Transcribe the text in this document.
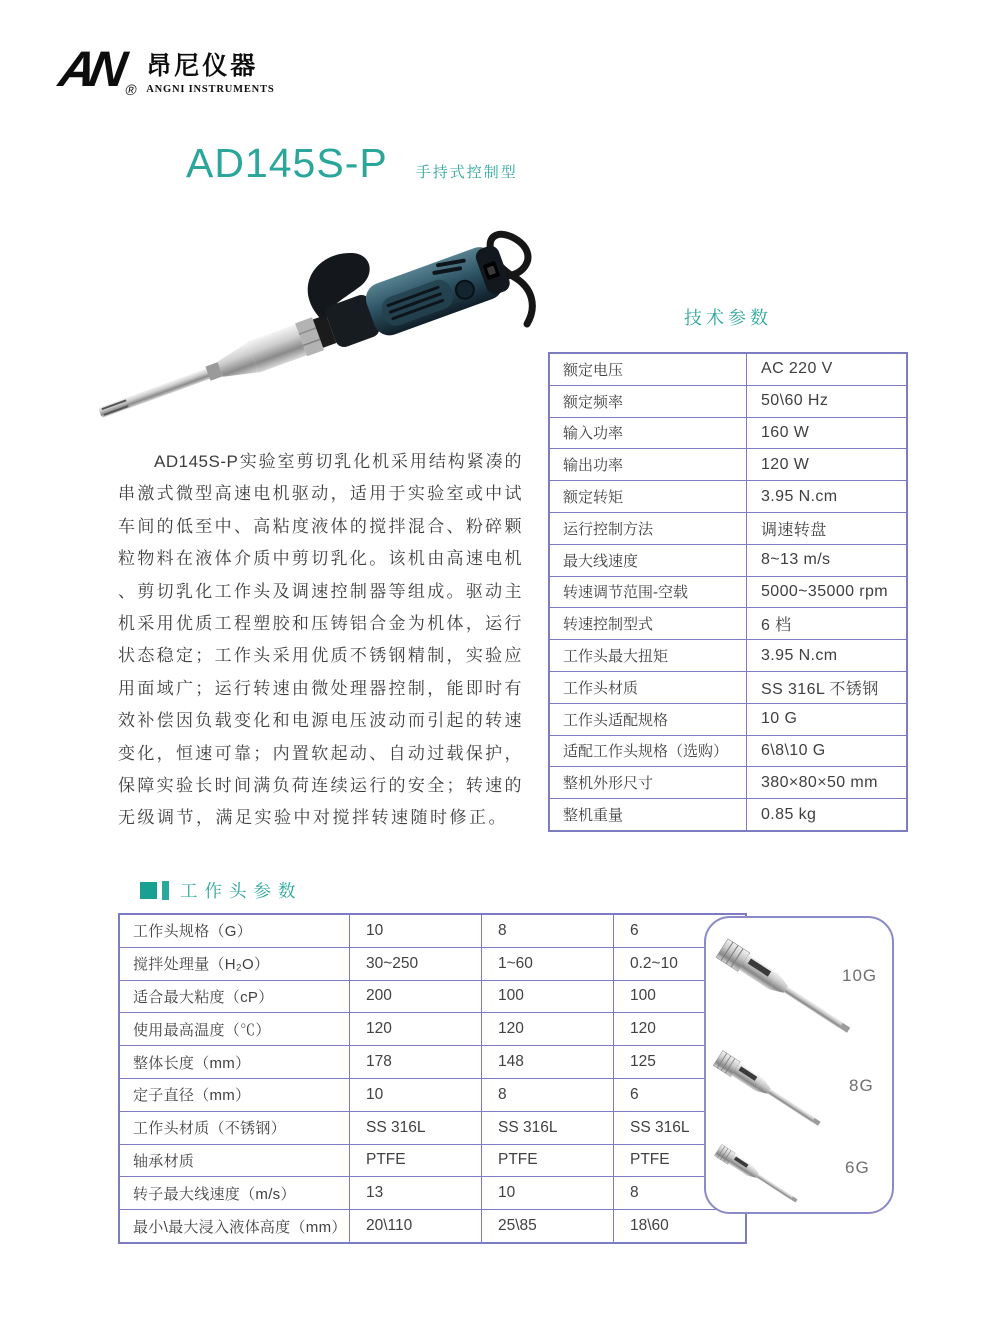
AN
®
昂尼仪器
ANGNI INSTRUMENTS
AD145S-P 手持式控制型
AD145S-P实验室剪切乳化机采用结构紧凑的
串激式微型高速电机驱动，适用于实验室或中试
车间的低至中、高粘度液体的搅拌混合、粉碎颗
粒物料在液体介质中剪切乳化。该机由高速电机
、剪切乳化工作头及调速控制器等组成。驱动主
机采用优质工程塑胶和压铸铝合金为机体，运行
状态稳定；工作头采用优质不锈钢精制，实验应
用面域广；运行转速由微处理器控制，能即时有
效补偿因负载变化和电源电压波动而引起的转速
变化，恒速可靠；内置软起动、自动过载保护，
保障实验长时间满负荷连续运行的安全；转速的
无级调节，满足实验中对搅拌转速随时修正。
技术参数
额定电压	AC 220 V
额定频率	50\60 Hz
输入功率	160 W
输出功率	120 W
额定转矩	3.95 N.cm
运行控制方法	调速转盘
最大线速度	8~13 m/s
转速调节范围-空载	5000~35000 rpm
转速控制型式	6 档
工作头最大扭矩	3.95 N.cm
工作头材质	SS 316L 不锈钢
工作头适配规格	10 G
适配工作头规格（选购）	6\8\10 G
整机外形尺寸	380×80×50 mm
整机重量	0.85 kg
工作头参数
工作头规格（G）	10	8	6
搅拌处理量（H₂O）	30~250	1~60	0.2~10
适合最大粘度（cP）	200	100	100
使用最高温度（℃）	120	120	120
整体长度（mm）	178	148	125
定子直径（mm）	10	8	6
工作头材质（不锈钢）	SS 316L	SS 316L	SS 316L
轴承材质	PTFE	PTFE	PTFE
转子最大线速度（m/s）	13	10	8
最小\最大浸入液体高度（mm）	20\110	25\85	18\60
10G
8G
6G
